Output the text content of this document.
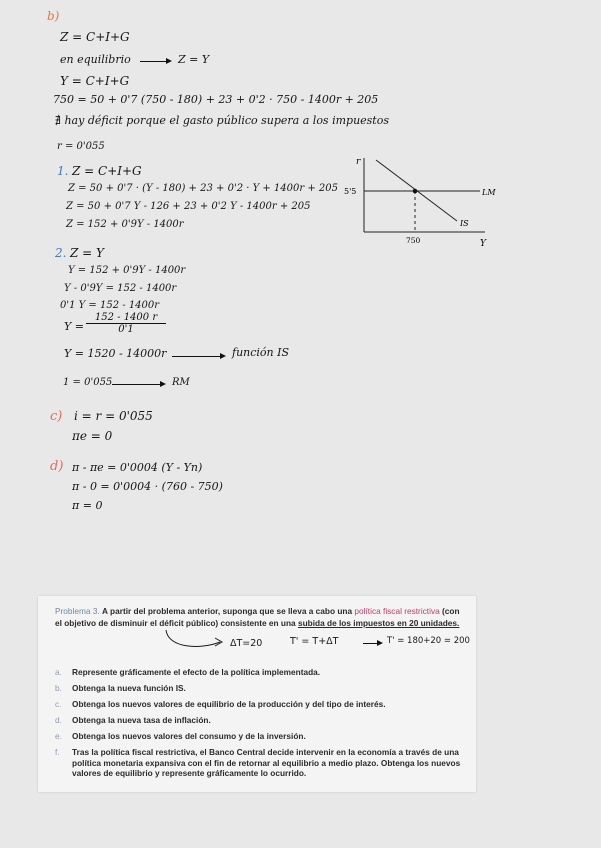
b)
Z = C+I+G
en equilibrio	Z = Y
Y = C+I+G
750 = 50 + 0'7 (750 - 180) + 23 + 0'2 · 750 - 1400r + 205
∄ hay déficit porque el gasto público supera a los impuestos
r = 0'055
1. Z = C+I+G
Z = 50 + 0'7 · (Y - 180) + 23 + 0'2 · Y + 1400r + 205
Z = 50 + 0'7 Y - 126 + 23 + 0'2 Y - 1400r + 205
Z = 152 + 0'9Y - 1400r
2. Z = Y
Y = 152 + 0'9Y - 1400r
Y - 0'9Y = 152 - 1400r
0'1 Y = 152 - 1400r
$Y = \frac{152 - 1400 r}{0'1}$
Y = 1520 - 14000r	función IS
1 = 0'055	RM
c) i = r = 0'055
πe = 0
d) π - πe = 0'0004 (Y - Yn)
π - 0 = 0'0004 · (760 - 750)
π = 0
r
Y
5'5
750
LM
IS
Problema 3. A partir del problema anterior, suponga que se lleva a cabo una política fiscal restrictiva (con el objetivo de disminuir el déficit público) consistente en una subida de los impuestos en 20 unidades.
a. Represente gráficamente el efecto de la política implementada.
b. Obtenga la nueva función IS.
c. Obtenga los nuevos valores de equilibrio de la producción y del tipo de interés.
d. Obtenga la nueva tasa de inflación.
e. Obtenga los nuevos valores del consumo y de la inversión.
f. Tras la política fiscal restrictiva, el Banco Central decide intervenir en la economía a través de una política monetaria expansiva con el fin de retornar al equilibrio a medio plazo. Obtenga los nuevos valores de equilibrio y represente gráficamente lo ocurrido.
ΔT=20	T' = T+ΔT	T' = 180+20 = 200
